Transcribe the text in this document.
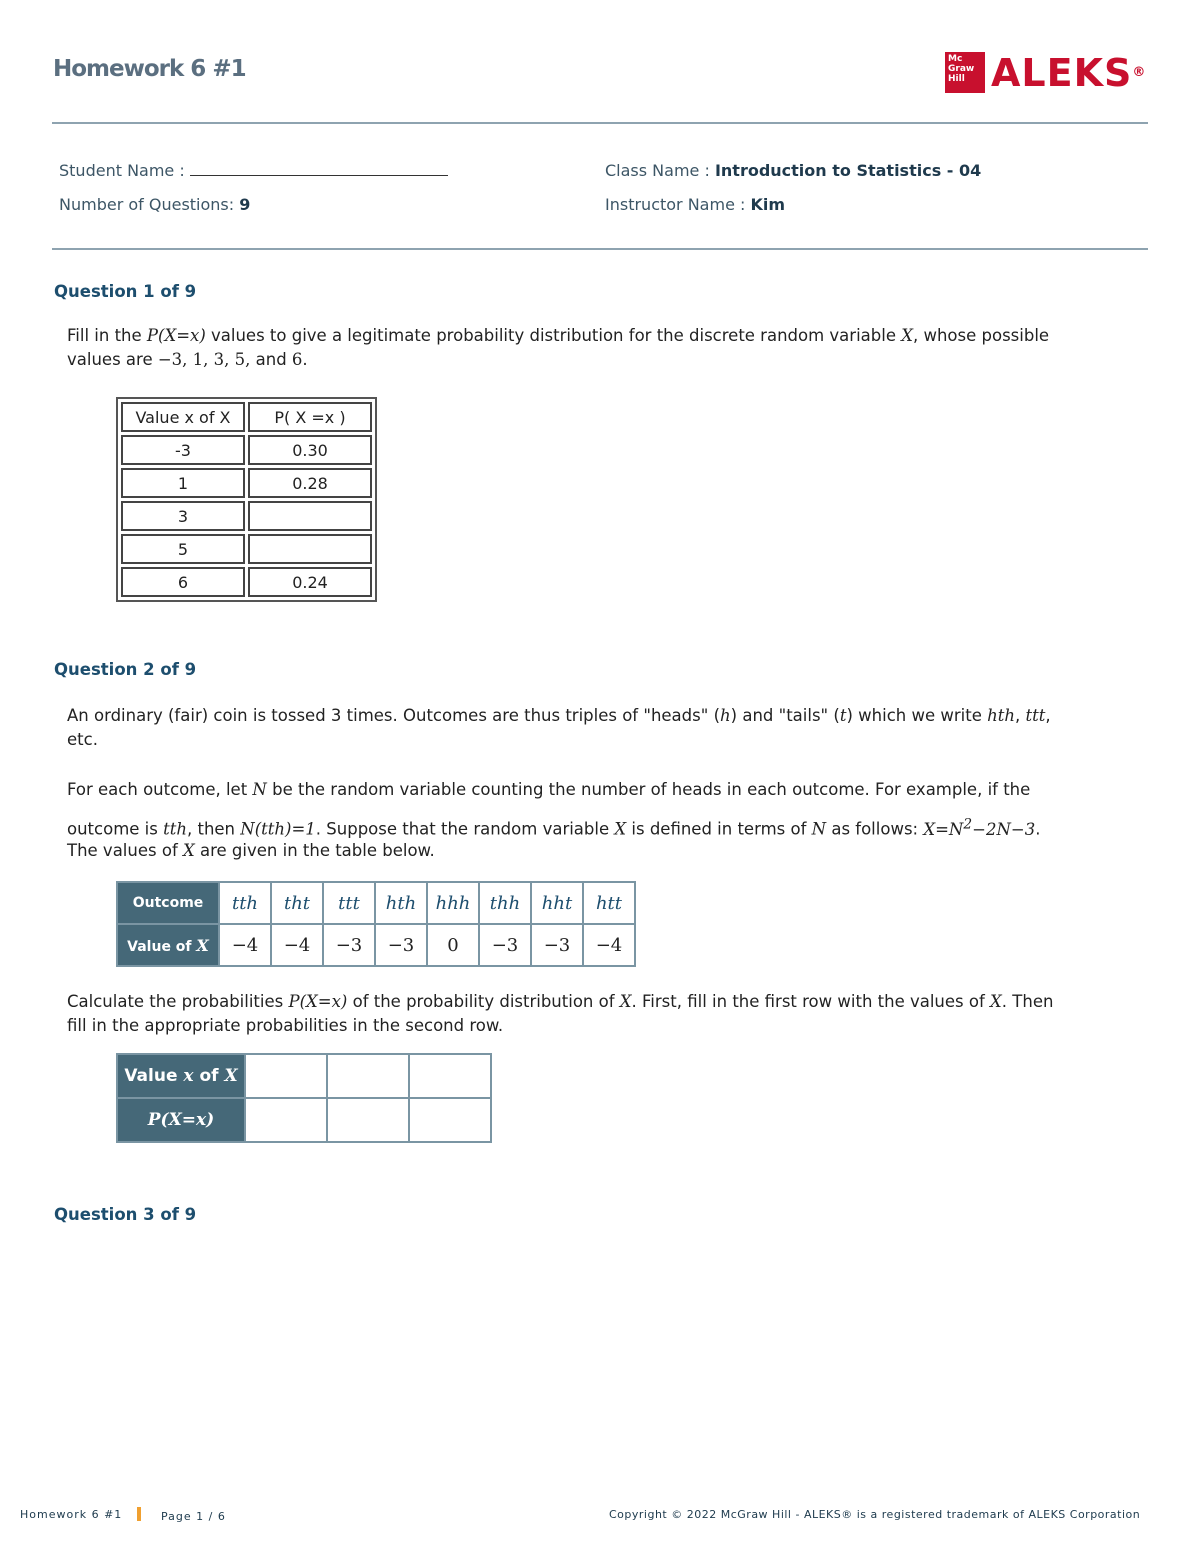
Homework 6 #1	Mc Graw Hill ALEKS®
Student Name :
Number of Questions: 9
Class Name : Introduction to Statistics - 04
Instructor Name : Kim
Question 1 of 9
Fill in the P(X=x) values to give a legitimate probability distribution for the discrete random variable X, whose possible
values are −3, 1, 3, 5, and 6.
Value x of X	P( X =x )
-3	0.30
1	0.28
3	
5	
6	0.24
Question 2 of 9
An ordinary (fair) coin is tossed 3 times. Outcomes are thus triples of "heads" (h) and "tails" (t) which we write hth, ttt,
etc.
For each outcome, let N be the random variable counting the number of heads in each outcome. For example, if the
outcome is tth, then N(tth)=1. Suppose that the random variable X is defined in terms of N as follows: $X=N^2-2N-3$.
The values of X are given in the table below.
Outcome	tth	tht	ttt	hth	hhh	thh	hht	htt
Value of X	−4	−4	−3	−3	0	−3	−3	−4
Calculate the probabilities P(X=x) of the probability distribution of X. First, fill in the first row with the values of X. Then
fill in the appropriate probabilities in the second row.
Value x of X			
P(X=x)			
Question 3 of 9
Homework 6 #1	Page 1 / 6	Copyright © 2022 McGraw Hill - ALEKS® is a registered trademark of ALEKS Corporation
